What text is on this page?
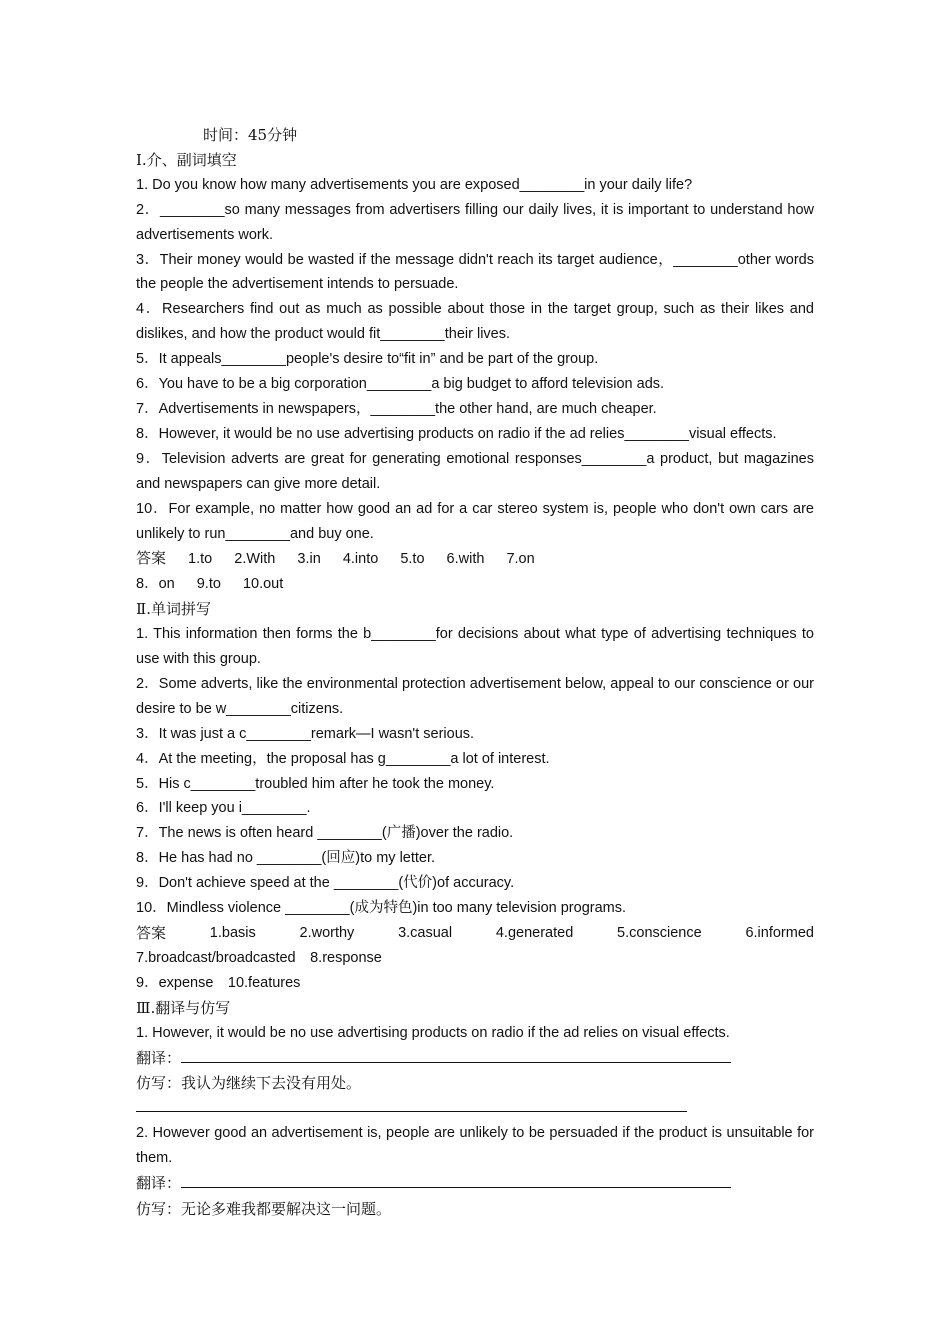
时间：45分钟
Ⅰ.介、副词填空
1. Do you know how many advertisements you are exposed________in your daily life?
2．________so many messages from advertisers filling our daily lives, it is important to understand how advertisements work.
3．Their money would be wasted if the message didn't reach its target audience，________other words the people the advertisement intends to persuade.
4．Researchers find out as much as possible about those in the target group, such as their likes and dislikes, and how the product would fit________their lives.
5．It appeals________people's desire to“fit in” and be part of the group.
6．You have to be a big corporation________a big budget to afford television ads.
7．Advertisements in newspapers，________the other hand, are much cheaper.
8．However, it would be no use advertising products on radio if the ad relies________visual effects.
9．Television adverts are great for generating emotional responses________a product, but magazines and newspapers can give more detail.
10．For example, no matter how good an ad for a car stereo system is, people who don't own cars are unlikely to run________and buy one.
答案 1.to 2.With 3.in 4.into 5.to 6.with 7.on
8．on 9.to 10.out
Ⅱ.单词拼写
1. This information then forms the b________for decisions about what type of advertising techniques to use with this group.
2．Some adverts, like the environmental protection advertisement below, appeal to our conscience or our desire to be w________citizens.
3．It was just a c________remark—I wasn't serious.
4．At the meeting，the proposal has g________a lot of interest.
5．His c________troubled him after he took the money.
6．I'll keep you i________.
7．The news is often heard ________(广播)over the radio.
8．He has had no ________(回应)to my letter.
9．Don't achieve speed at the ________(代价)of accuracy.
10．Mindless violence ________(成为特色)in too many television programs.
答案	1.basis	2.worthy	3.casual	4.generated	5.conscience	6.informed
7.broadcast/broadcasted　8.response
9．expense　10.features
Ⅲ.翻译与仿写
1. However, it would be no use advertising products on radio if the ad relies on visual effects.
翻译：
仿写：我认为继续下去没有用处。
2. However good an advertisement is, people are unlikely to be persuaded if the product is unsuitable for them.
翻译：
仿写：无论多难我都要解决这一问题。
